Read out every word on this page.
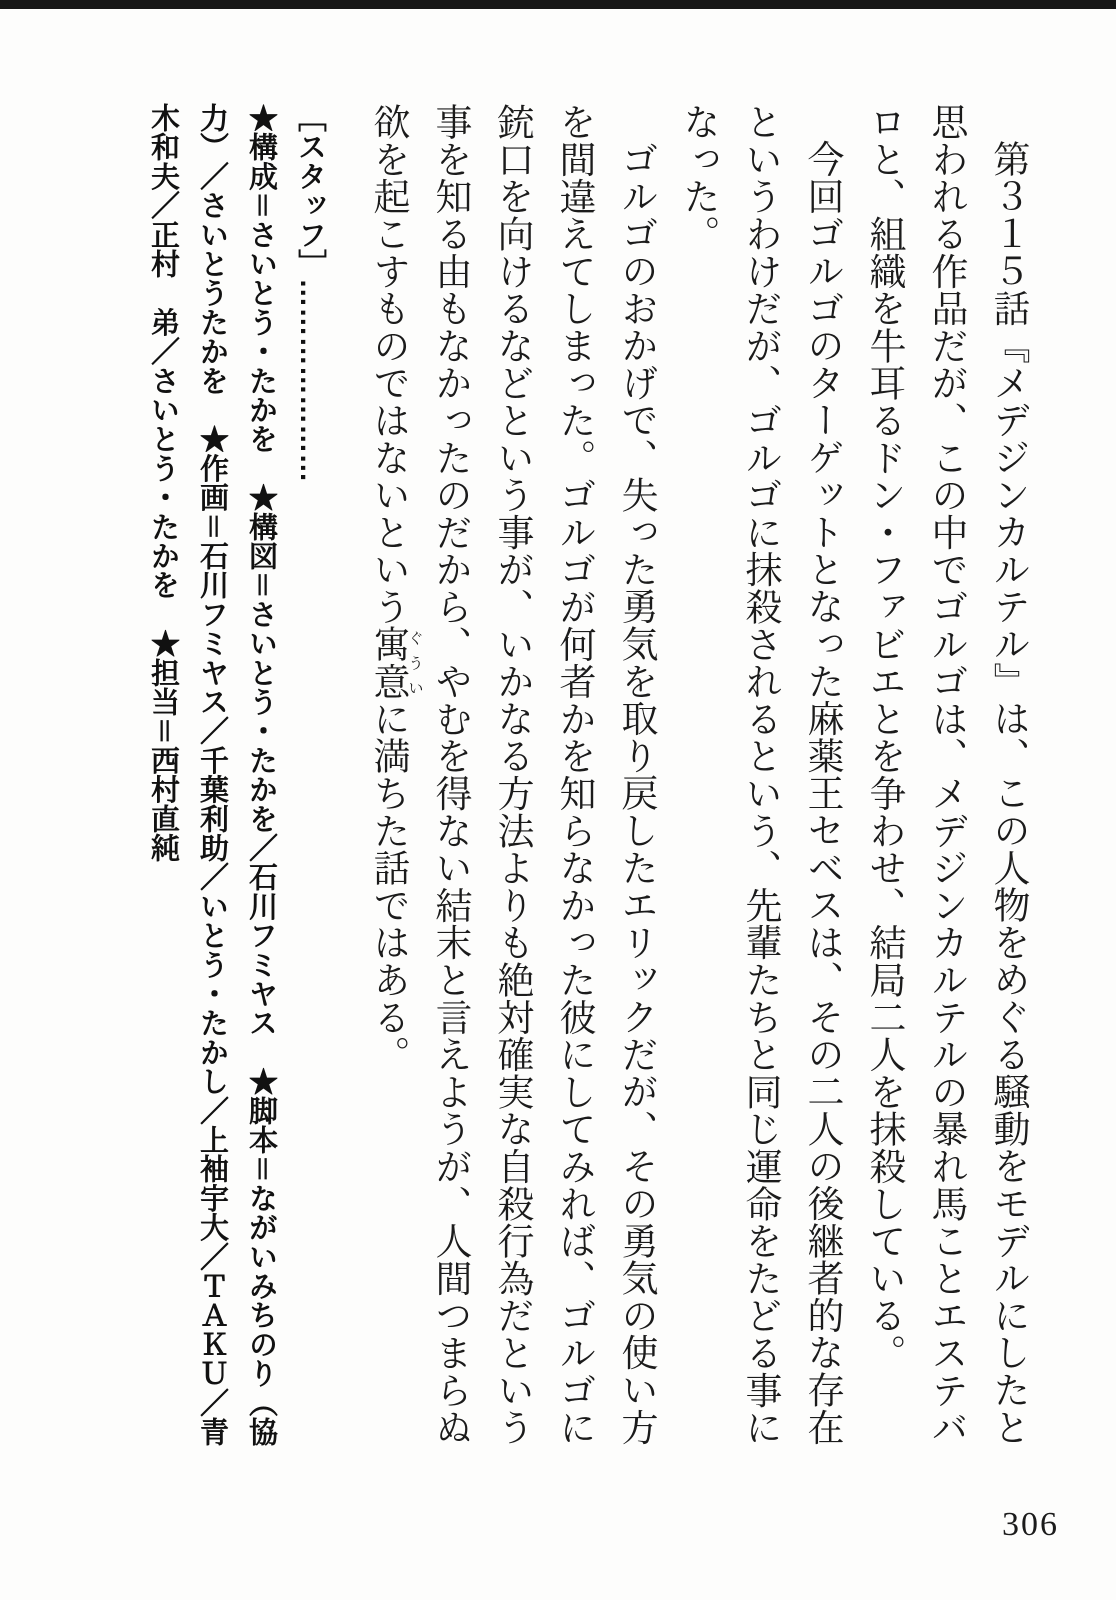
第３１５話『メデジンカルテル』は、この人物をめぐる騒動をモデルにしたと思われる作品だが、この中でゴルゴは、メデジンカルテルの暴れ馬ことエステバロと、組織を牛耳るドン・ファビエとを争わせ、結局二人を抹殺している。

今回ゴルゴのターゲットとなった麻薬王セベスは、その二人の後継者的な存在というわけだが、ゴルゴに抹殺されるという、先輩たちと同じ運命をたどる事になった。

ゴルゴのおかげで、失った勇気を取り戻したエリックだが、その勇気の使い方を間違えてしまった。ゴルゴが何者かを知らなかった彼にしてみれば、ゴルゴに銃口を向けるなどという事が、いかなる方法よりも絶対確実な自殺行為だという事を知る由もなかったのだから、やむを得ない結末と言えようが、人間つまらぬ欲を起こすものではないという寓意ぐういに満ちた話ではある。

［スタッフ］…………………

★構成＝さいとう・たかを　★構図＝さいとう・たかを／石川フミヤス　★脚本＝ながいみちのり（協力）／さいとうたかを　★作画＝石川フミヤス／千葉利助／いとう・たかし／上袖宇大／ＴＡＫＵ／青木和夫／正村　弟／さいとう・たかを　★担当＝西村直純

306
